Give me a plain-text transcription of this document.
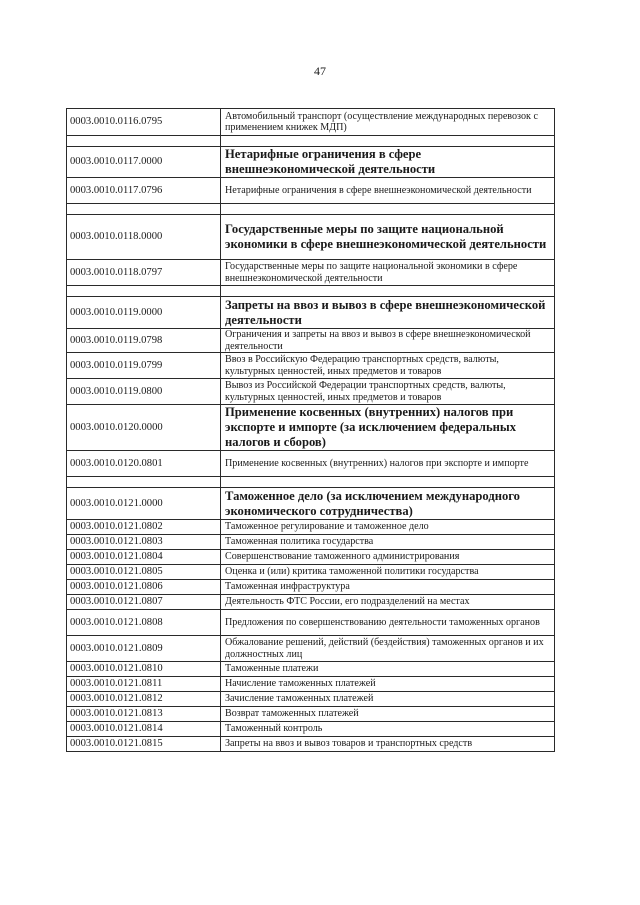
47
0003.0010.0116.0795	Автомобильный транспорт (осуществление международных перевозок с применением книжек МДП)

0003.0010.0117.0000	Нетарифные ограничения в сфере внешнеэкономической деятельности
0003.0010.0117.0796	Нетарифные ограничения в сфере внешнеэкономической деятельности

0003.0010.0118.0000	Государственные меры по защите национальной экономики в сфере внешнеэкономической деятельности
0003.0010.0118.0797	Государственные меры по защите национальной экономики в сфере внешнеэкономической деятельности

0003.0010.0119.0000	Запреты на ввоз и вывоз в сфере внешнеэкономической деятельности
0003.0010.0119.0798	Ограничения и запреты на ввоз и вывоз в сфере внешнеэкономической деятельности
0003.0010.0119.0799	Ввоз в Российскую Федерацию транспортных средств, валюты, культурных ценностей, иных предметов и товаров
0003.0010.0119.0800	Вывоз из Российской Федерации транспортных средств, валюты, культурных ценностей, иных предметов и товаров
0003.0010.0120.0000	Применение косвенных (внутренних) налогов при экспорте и импорте (за исключением федеральных налогов и сборов)
0003.0010.0120.0801	Применение косвенных (внутренних) налогов при экспорте и импорте

0003.0010.0121.0000	Таможенное дело (за исключением международного экономического сотрудничества)
0003.0010.0121.0802	Таможенное регулирование и таможенное дело
0003.0010.0121.0803	Таможенная политика государства
0003.0010.0121.0804	Совершенствование таможенного администрирования
0003.0010.0121.0805	Оценка и (или) критика таможенной политики государства
0003.0010.0121.0806	Таможенная инфраструктура
0003.0010.0121.0807	Деятельность ФТС России, его подразделений на местах
0003.0010.0121.0808	Предложения по совершенствованию деятельности таможенных органов
0003.0010.0121.0809	Обжалование решений, действий (бездействия) таможенных органов и их должностных лиц
0003.0010.0121.0810	Таможенные платежи
0003.0010.0121.0811	Начисление таможенных платежей
0003.0010.0121.0812	Зачисление таможенных платежей
0003.0010.0121.0813	Возврат таможенных платежей
0003.0010.0121.0814	Таможенный контроль
0003.0010.0121.0815	Запреты на ввоз и вывоз товаров и транспортных средств
